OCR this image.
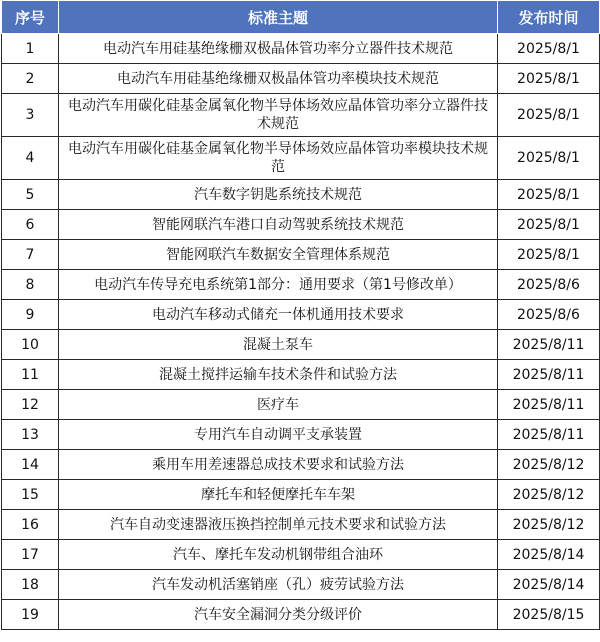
序号	标准主题	发布时间
1	电动汽车用硅基绝缘栅双极晶体管功率分立器件技术规范	2025/8/1
2	电动汽车用硅基绝缘栅双极晶体管功率模块技术规范	2025/8/1
3	电动汽车用碳化硅基金属氧化物半导体场效应晶体管功率分立器件技术规范	2025/8/1
4	电动汽车用碳化硅基金属氧化物半导体场效应晶体管功率模块技术规范	2025/8/1
5	汽车数字钥匙系统技术规范	2025/8/1
6	智能网联汽车港口自动驾驶系统技术规范	2025/8/1
7	智能网联汽车数据安全管理体系规范	2025/8/1
8	电动汽车传导充电系统第1部分：通用要求（第1号修改单）	2025/8/6
9	电动汽车移动式储充一体机通用技术要求	2025/8/6
10	混凝土泵车	2025/8/11
11	混凝土搅拌运输车技术条件和试验方法	2025/8/11
12	医疗车	2025/8/11
13	专用汽车自动调平支承装置	2025/8/11
14	乘用车用差速器总成技术要求和试验方法	2025/8/12
15	摩托车和轻便摩托车车架	2025/8/12
16	汽车自动变速器液压换挡控制单元技术要求和试验方法	2025/8/12
17	汽车、摩托车发动机钢带组合油环	2025/8/14
18	汽车发动机活塞销座（孔）疲劳试验方法	2025/8/14
19	汽车安全漏洞分类分级评价	2025/8/15
